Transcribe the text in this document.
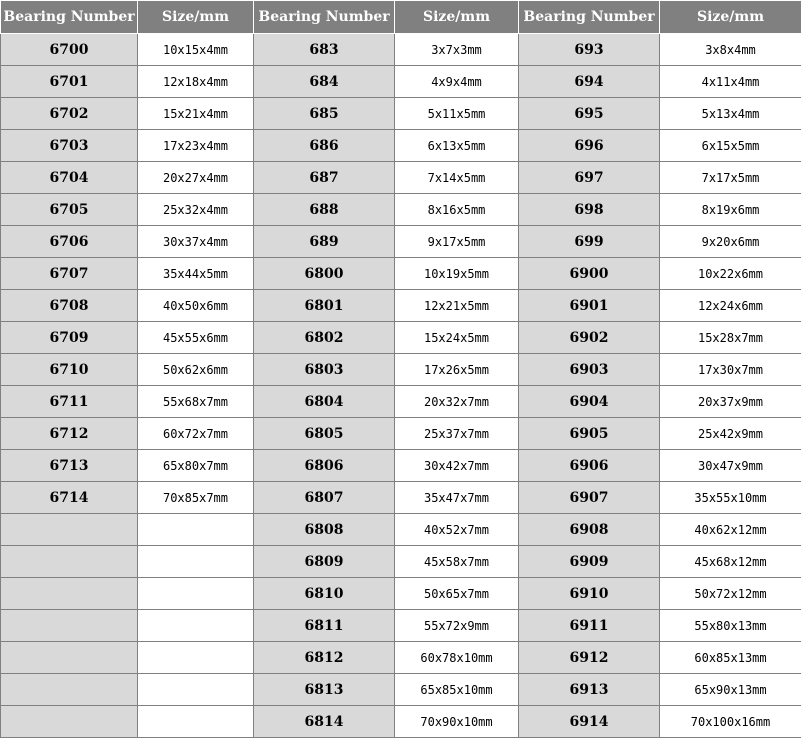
Bearing Number	Size/mm	Bearing Number	Size/mm	Bearing Number	Size/mm
6700	10x15x4mm	683	3x7x3mm	693	3x8x4mm
6701	12x18x4mm	684	4x9x4mm	694	4x11x4mm
6702	15x21x4mm	685	5x11x5mm	695	5x13x4mm
6703	17x23x4mm	686	6x13x5mm	696	6x15x5mm
6704	20x27x4mm	687	7x14x5mm	697	7x17x5mm
6705	25x32x4mm	688	8x16x5mm	698	8x19x6mm
6706	30x37x4mm	689	9x17x5mm	699	9x20x6mm
6707	35x44x5mm	6800	10x19x5mm	6900	10x22x6mm
6708	40x50x6mm	6801	12x21x5mm	6901	12x24x6mm
6709	45x55x6mm	6802	15x24x5mm	6902	15x28x7mm
6710	50x62x6mm	6803	17x26x5mm	6903	17x30x7mm
6711	55x68x7mm	6804	20x32x7mm	6904	20x37x9mm
6712	60x72x7mm	6805	25x37x7mm	6905	25x42x9mm
6713	65x80x7mm	6806	30x42x7mm	6906	30x47x9mm
6714	70x85x7mm	6807	35x47x7mm	6907	35x55x10mm
		6808	40x52x7mm	6908	40x62x12mm
		6809	45x58x7mm	6909	45x68x12mm
		6810	50x65x7mm	6910	50x72x12mm
		6811	55x72x9mm	6911	55x80x13mm
		6812	60x78x10mm	6912	60x85x13mm
		6813	65x85x10mm	6913	65x90x13mm
		6814	70x90x10mm	6914	70x100x16mm
